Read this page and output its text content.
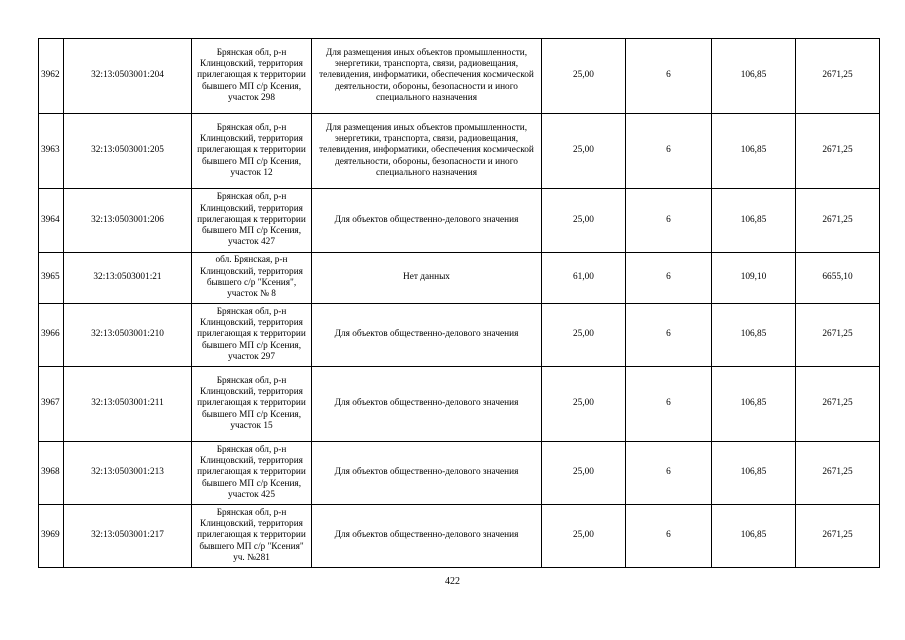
3962	32:13:0503001:204	Брянская обл, р-н Клинцовский, территория прилегающая к территории бывшего МП с/р Ксения, участок 298	Для размещения иных объектов промышленности, энергетики, транспорта, связи, радиовещания, телевидения, информатики, обеспечения космической деятельности, обороны, безопасности и иного специального назначения	25,00	6	106,85	2671,25
3963	32:13:0503001:205	Брянская обл, р-н Клинцовский, территория прилегающая к территории бывшего МП с/р Ксения, участок 12	Для размещения иных объектов промышленности, энергетики, транспорта, связи, радиовещания, телевидения, информатики, обеспечения космической деятельности, обороны, безопасности и иного специального назначения	25,00	6	106,85	2671,25
3964	32:13:0503001:206	Брянская обл, р-н Клинцовский, территория прилегающая к территории бывшего МП с/р Ксения, участок 427	Для объектов общественно-делового значения	25,00	6	106,85	2671,25
3965	32:13:0503001:21	обл. Брянская, р-н Клинцовский, территория бывшего с/р "Ксения", участок № 8	Нет данных	61,00	6	109,10	6655,10
3966	32:13:0503001:210	Брянская обл, р-н Клинцовский, территория прилегающая к территории бывшего МП с/р Ксения, участок 297	Для объектов общественно-делового значения	25,00	6	106,85	2671,25
3967	32:13:0503001:211	Брянская обл, р-н Клинцовский, территория прилегающая к территории бывшего МП с/р Ксения, участок 15	Для объектов общественно-делового значения	25,00	6	106,85	2671,25
3968	32:13:0503001:213	Брянская обл, р-н Клинцовский, территория прилегающая к территории бывшего МП с/р Ксения, участок 425	Для объектов общественно-делового значения	25,00	6	106,85	2671,25
3969	32:13:0503001:217	Брянская обл, р-н Клинцовский, территория прилегающая к территории бывшего МП с/р "Ксения" уч. №281	Для объектов общественно-делового значения	25,00	6	106,85	2671,25
422
